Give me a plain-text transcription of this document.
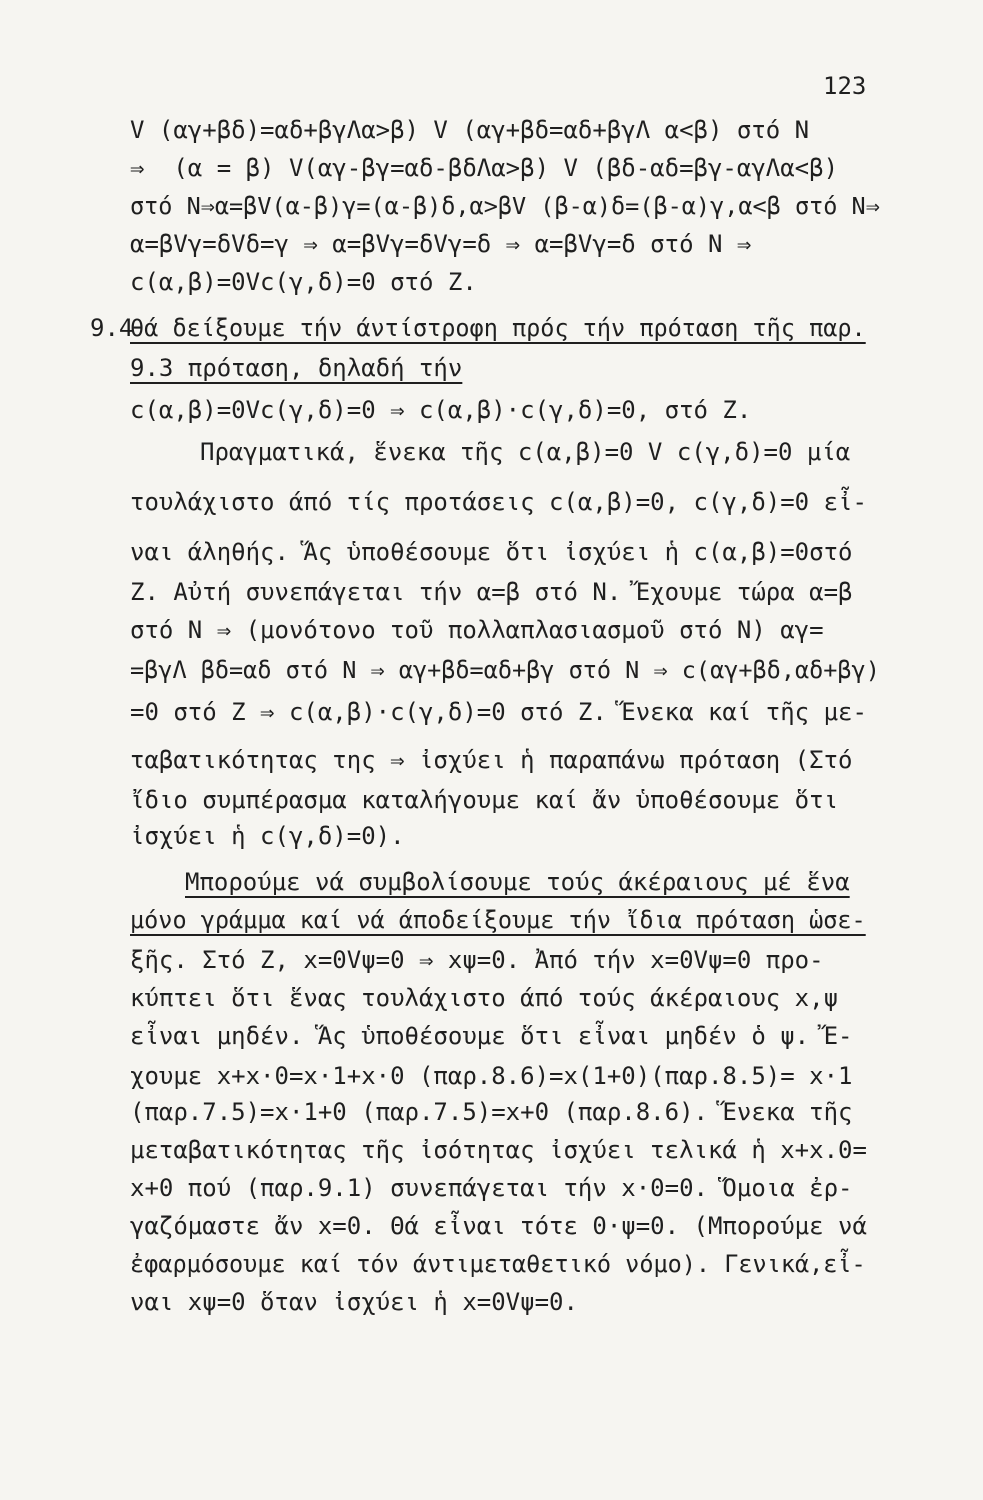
123
9.4
V (αγ+βδ)=αδ+βγΛα>β) V (αγ+βδ=αδ+βγΛ α<β) στό N
⇒  (α = β) V(αγ-βγ=αδ-βδΛα>β) V (βδ-αδ=βγ-αγΛα<β)
στό N⇒α=βV(α-β)γ=(α-β)δ,α>βV (β-α)δ=(β-α)γ,α<β στό N⇒
α=βVγ=δVδ=γ ⇒ α=βVγ=δVγ=δ ⇒ α=βVγ=δ στό N ⇒
c(α,β)=0Vc(γ,δ)=0 στό Z.
θά δείξουμε τήν άντίστροφη πρός τήν πρόταση τῆς παρ.
9.3 πρόταση, δηλαδή τήν
c(α,β)=0Vc(γ,δ)=0 ⇒ c(α,β)·c(γ,δ)=0, στό Z.
Πραγματικά, ἕνεκα τῆς c(α,β)=0 V c(γ,δ)=0 μία
τουλάχιστο άπό τίς προτάσεις c(α,β)=0, c(γ,δ)=0 εἶ-
ναι άληθής. Ἅς ὑποθέσουμε ὅτι ἰσχύει ἡ c(α,β)=0στό
Z. Αὐτή συνεπάγεται τήν α=β στό N. Ἔχουμε τώρα α=β
στό N ⇒ (μονότονο τοῦ πολλαπλασιασμοῦ στό N) αγ=
=βγΛ βδ=αδ στό N ⇒ αγ+βδ=αδ+βγ στό N ⇒ c(αγ+βδ,αδ+βγ)
=0 στό Z ⇒ c(α,β)·c(γ,δ)=0 στό Z. Ἕνεκα καί τῆς με-
ταβατικότητας της ⇒ ἰσχύει ἡ παραπάνω πρόταση (Στό
ἴδιο συμπέρασμα καταλήγουμε καί ἄν ὑποθέσουμε ὅτι
ἰσχύει ἡ c(γ,δ)=0).
Μπορούμε νά συμβολίσουμε τούς άκέραιους μέ ἕνα
μόνο γράμμα καί νά άποδείξουμε τήν ἴδια πρόταση ὡσε-
ξῆς. Στό Z, x=0Vψ=0 ⇒ xψ=0. Ἀπό τήν x=0Vψ=0 προ-
κύπτει ὅτι ἕνας τουλάχιστο άπό τούς άκέραιους x,ψ
εἶναι μηδέν. Ἅς ὑποθέσουμε ὅτι εἶναι μηδέν ὁ ψ. Ἔ-
χουμε x+x·0=x·1+x·0 (παρ.8.6)=x(1+0)(παρ.8.5)= x·1
(παρ.7.5)=x·1+0 (παρ.7.5)=x+0 (παρ.8.6). Ἕνεκα τῆς
μεταβατικότητας τῆς ἰσότητας ἰσχύει τελικά ἡ x+x.0=
x+0 πού (παρ.9.1) συνεπάγεται τήν x·0=0. Ὅμοια ἐρ-
γαζόμαστε ἄν x=0. Θά εἶναι τότε 0·ψ=0. (Μπορούμε νά
ἐφαρμόσουμε καί τόν άντιμεταθετικό νόμο). Γενικά,εἶ-
ναι xψ=0 ὅταν ἰσχύει ἡ x=0Vψ=0.
